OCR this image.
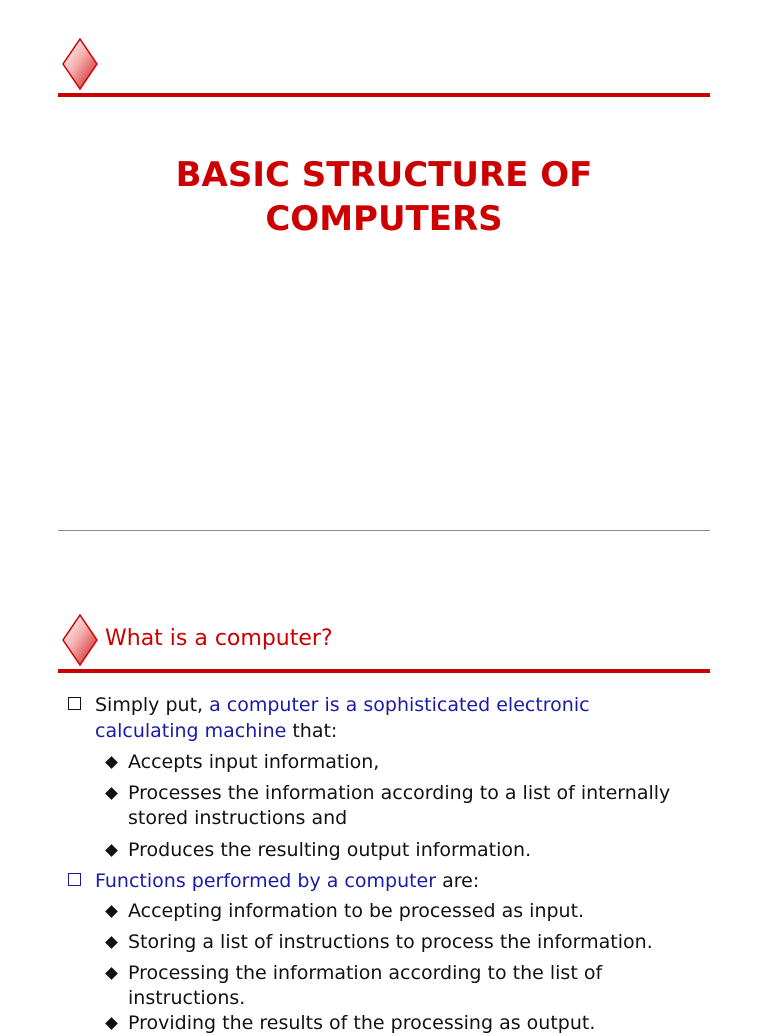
BASIC STRUCTURE OF
COMPUTERS
What is a computer?
Simply put, a computer is a sophisticated electronic
calculating machine that:
Accepts input information,
Processes the information according to a list of internally
stored instructions and
Produces the resulting output information.
Functions performed by a computer are:
Accepting information to be processed as input.
Storing a list of instructions to process the information.
Processing the information according to the list of
instructions.
Providing the results of the processing as output.
